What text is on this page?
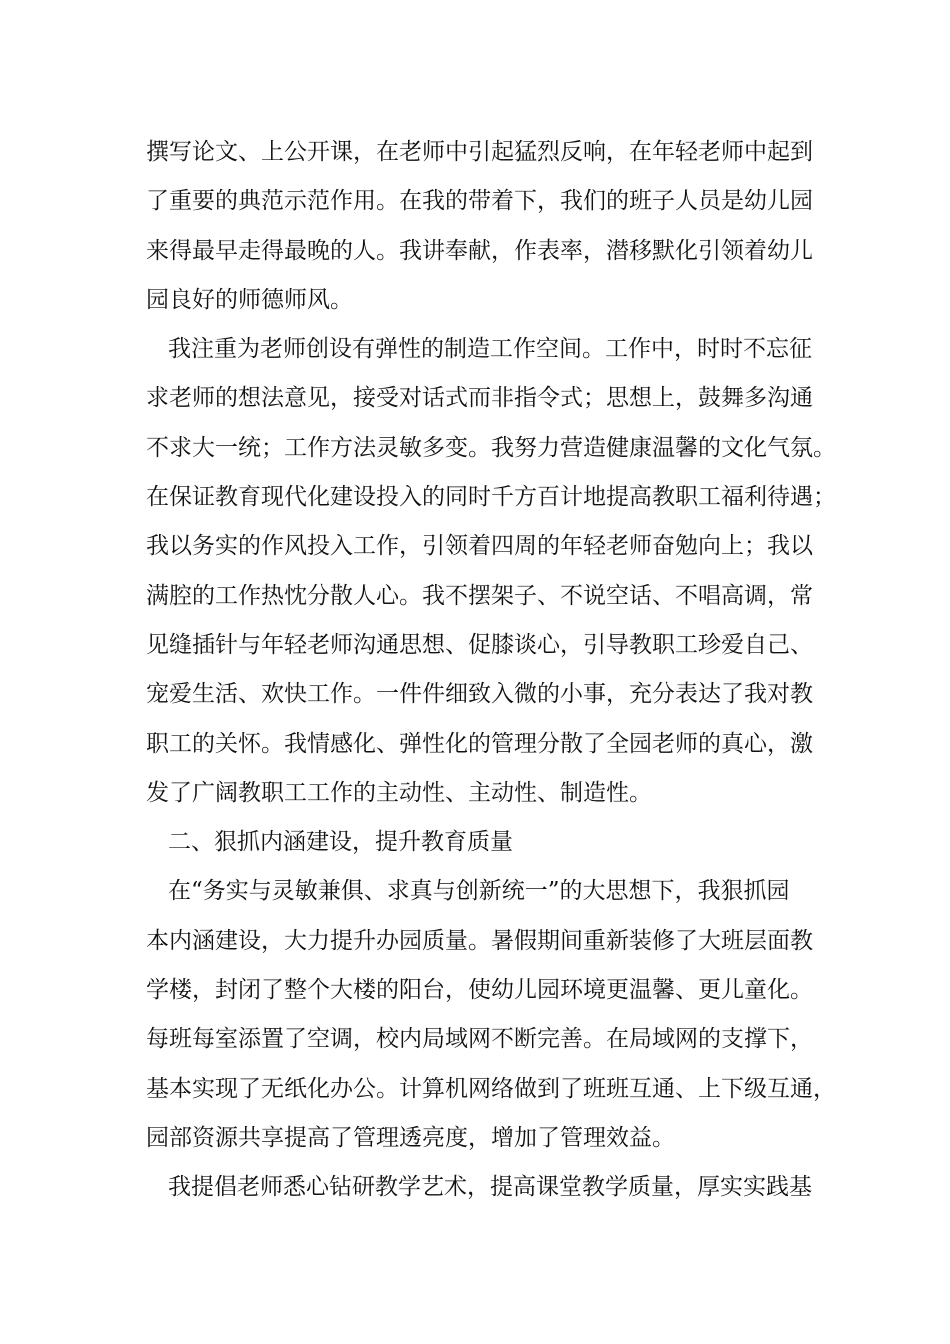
撰写论文、上公开课，在老师中引起猛烈反响，在年轻老师中起到
了重要的典范示范作用。在我的带着下，我们的班子人员是幼儿园
来得最早走得最晚的人。我讲奉献，作表率，潜移默化引领着幼儿
园良好的师德师风。
我注重为老师创设有弹性的制造工作空间。工作中，时时不忘征
求老师的想法意见，接受对话式而非指令式；思想上，鼓舞多沟通
不求大一统；工作方法灵敏多变。我努力营造健康温馨的文化气氛。
在保证教育现代化建设投入的同时千方百计地提高教职工福利待遇；
我以务实的作风投入工作，引领着四周的年轻老师奋勉向上；我以
满腔的工作热忱分散人心。我不摆架子、不说空话、不唱高调，常
见缝插针与年轻老师沟通思想、促膝谈心，引导教职工珍爱自己、
宠爱生活、欢快工作。一件件细致入微的小事，充分表达了我对教
职工的关怀。我情感化、弹性化的管理分散了全园老师的真心，激
发了广阔教职工工作的主动性、主动性、制造性。
二、狠抓内涵建设，提升教育质量
在“务实与灵敏兼俱、求真与创新统一”的大思想下，我狠抓园
本内涵建设，大力提升办园质量。暑假期间重新装修了大班层面教
学楼，封闭了整个大楼的阳台，使幼儿园环境更温馨、更儿童化。
每班每室添置了空调，校内局域网不断完善。在局域网的支撑下，
基本实现了无纸化办公。计算机网络做到了班班互通、上下级互通，
园部资源共享提高了管理透亮度，增加了管理效益。
我提倡老师悉心钻研教学艺术，提高课堂教学质量，厚实实践基
